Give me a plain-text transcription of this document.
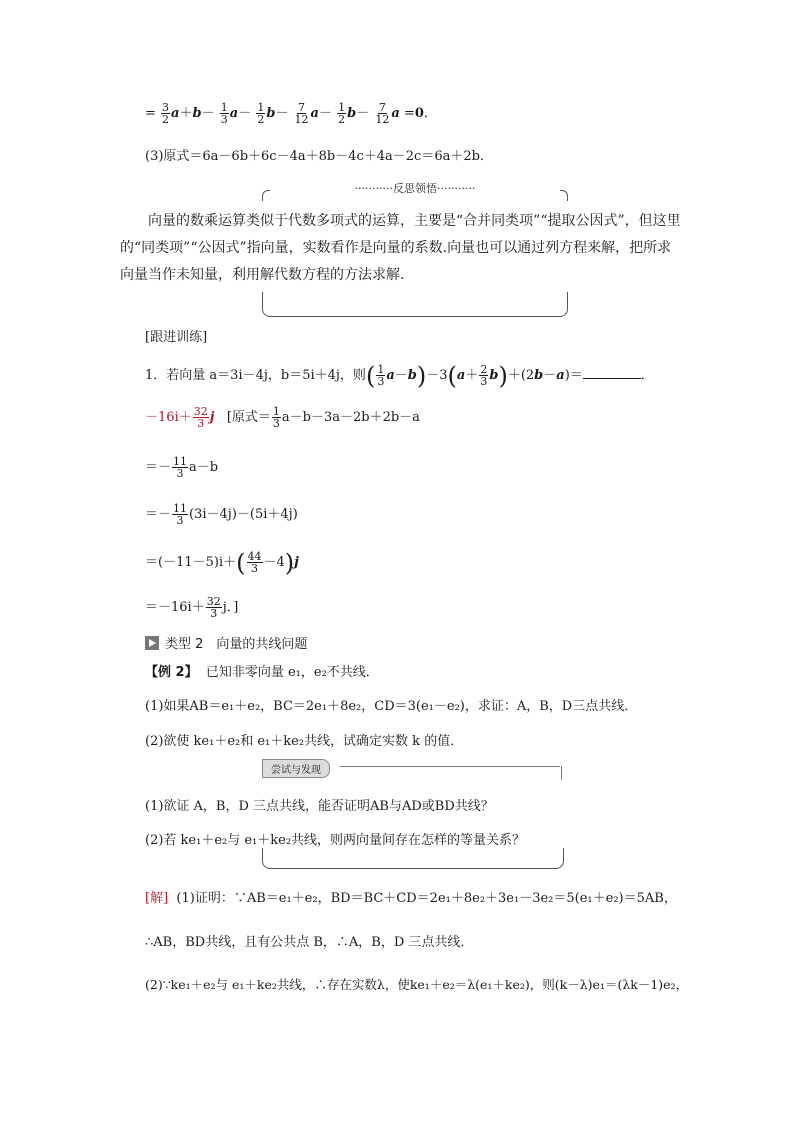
= $\frac{3}{2} a+b- \frac{1}{3} a- \frac{1}{2} b- \frac{7}{12} a- \frac{1}{2} b- \frac{7}{12}$ a =0．
(3)原式＝6a－6b＋6c－4a＋8b－4c＋4a－2c＝6a＋2b．
···········反思领悟···········
向量的数乘运算类似于代数多项式的运算，主要是“合并同类项”“提取公因式”，但这里的“同类项”“公因式”指向量，实数看作是向量的系数.向量也可以通过列方程来解，把所求向量当作未知量，利用解代数方程的方法求解.
[跟进训练]
1．若向量 a＝3i－4j，b＝5i＋4j，则( $\frac{1}{3} a-b)-3(a+ \frac{2}{3} b)+(2b-a)=$	．
$-16i+ \frac{32}{3}$ j [原式＝ $\frac{1}{3} a-b-3a-2b+2b-a$
＝－ $\frac{11}{3} a-b$
＝－ $\frac{11}{3} (3i-4j)-(5i+4j)$
$=(-11-5)i+( \frac{44}{3} -4)j$
$=-16i+ \frac{32}{3}$ j．]
类型 2　向量的共线问题
【例 2】 已知非零向量 e₁，e₂不共线．
(1)如果AB＝e₁＋e₂，BC＝2e₁＋8e₂，CD＝3(e₁－e₂)，求证：A，B，D三点共线．
(2)欲使 ke₁＋e₂和 e₁＋ke₂共线，试确定实数 k 的值．
尝试与发现
(1)欲证 A，B，D 三点共线，能否证明AB与AD或BD共线？
(2)若 ke₁＋e₂与 e₁＋ke₂共线，则两向量间存在怎样的等量关系？
[解] (1)证明：∵AB＝e₁＋e₂，BD＝BC＋CD＝2e₁＋8e₂＋3e₁－3e₂＝5(e₁＋e₂)＝5AB，
∴AB，BD共线，且有公共点 B，∴A，B，D 三点共线．
(2)∵ke₁＋e₂与 e₁＋ke₂共线，∴存在实数λ，使ke₁＋e₂＝λ(e₁＋ke₂)，则(k－λ)e₁＝(λk－1)e₂，
